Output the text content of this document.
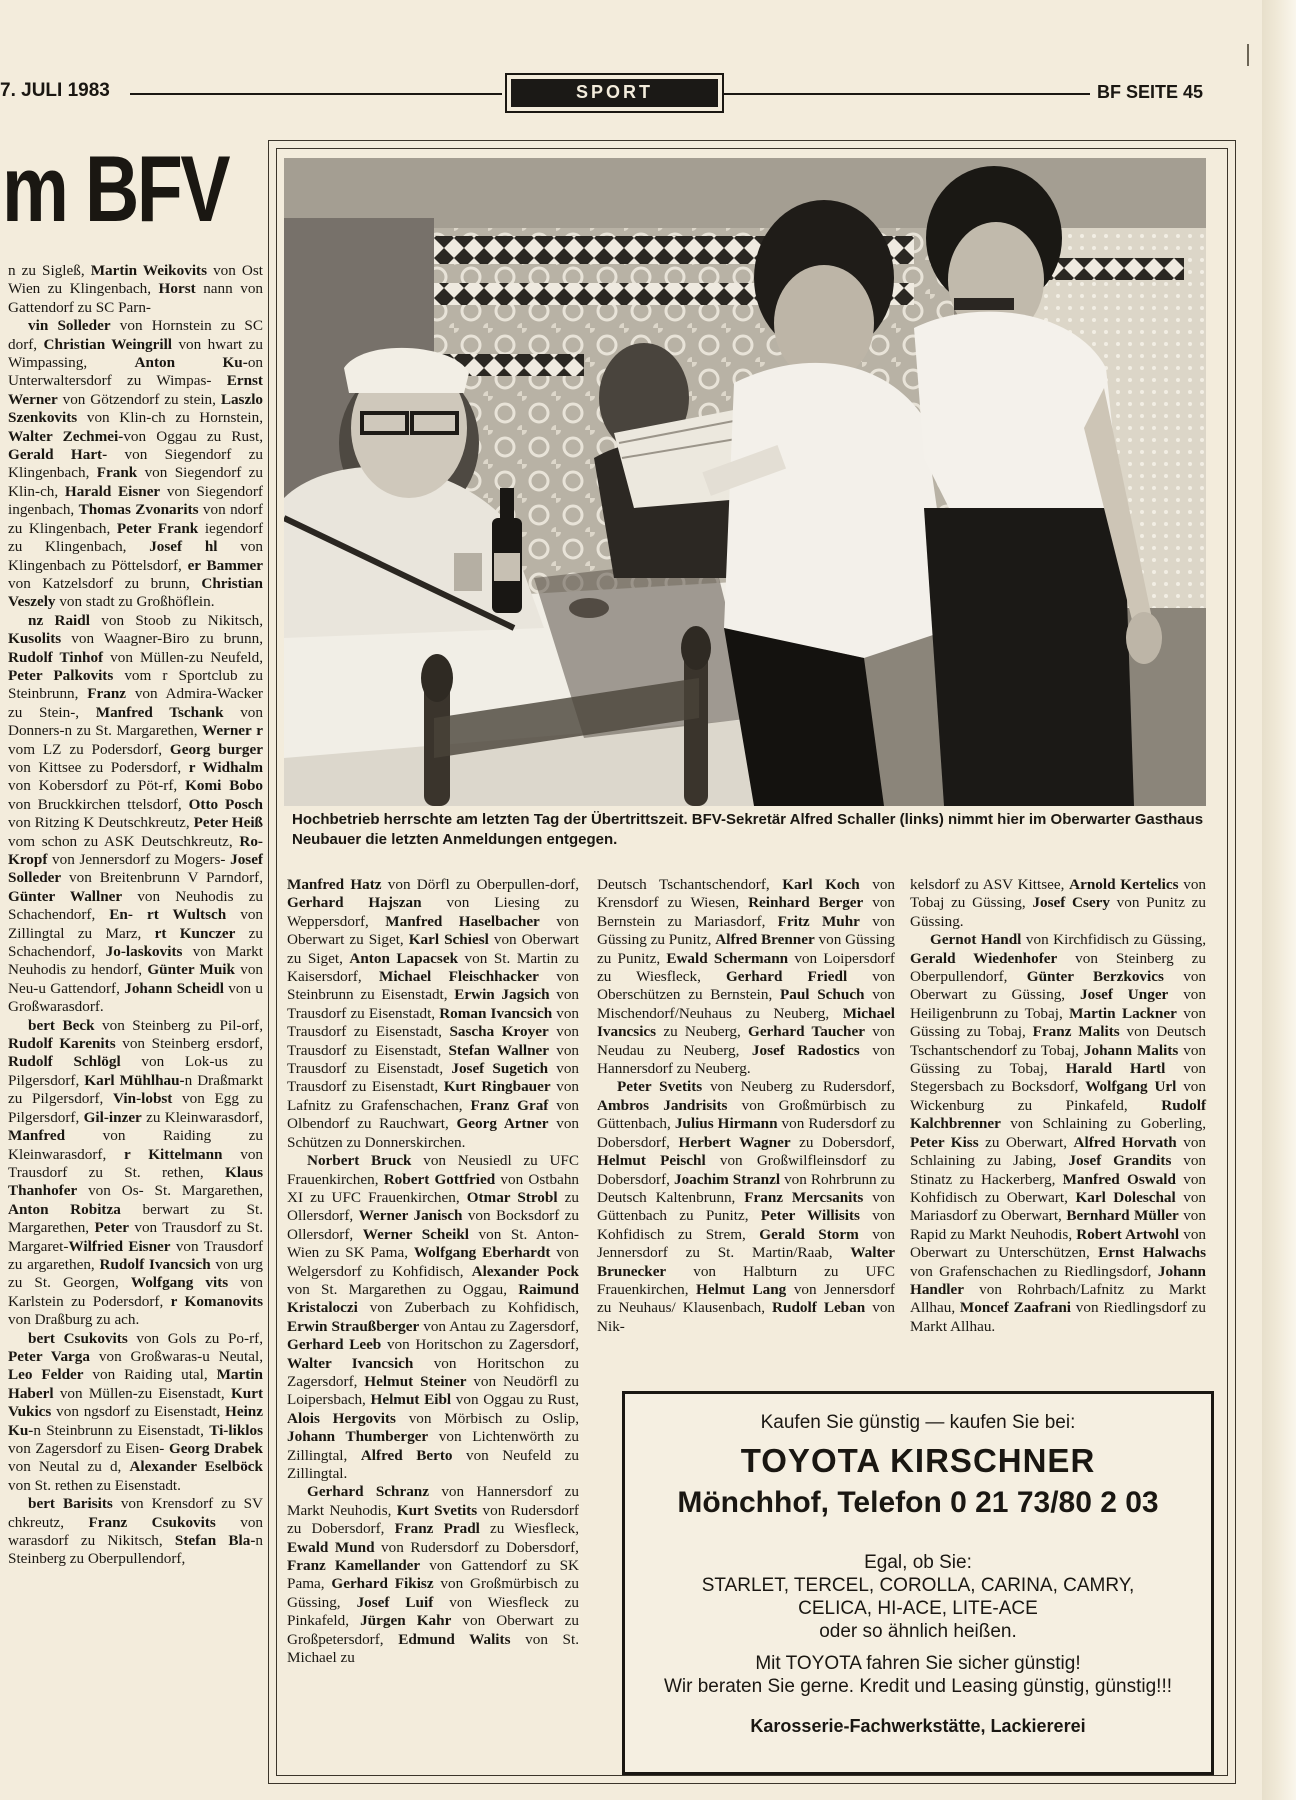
7. JULI 1983	SPORT	BF SEITE 45
m BFV
Hochbetrieb herrschte am letzten Tag der Übertrittszeit. BFV-Sekretär Alfred Schaller (links) nimmt hier im Oberwarter Gasthaus Neubauer die letzten Anmeldungen entgegen.

n zu Sigleß, Martin Weikovits von Ost Wien zu Klingenbach, Horst nann von Gattendorf zu SC Parn-

vin Solleder von Hornstein zu SC dorf, Christian Weingrill von hwart zu Wimpassing, Anton Ku-on Unterwaltersdorf zu Wimpas- Ernst Werner von Götzendorf zu stein, Laszlo Szenkovits von Klin-ch zu Hornstein, Walter Zechmei-von Oggau zu Rust, Gerald Hart- von Siegendorf zu Klingenbach, Frank von Siegendorf zu Klin-ch, Harald Eisner von Siegendorf ingenbach, Thomas Zvonarits von ndorf zu Klingenbach, Peter Frank iegendorf zu Klingenbach, Josef hl von Klingenbach zu Pöttelsdorf, er Bammer von Katzelsdorf zu brunn, Christian Veszely von stadt zu Großhöflein.

nz Raidl von Stoob zu Nikitsch, Kusolits von Waagner-Biro zu brunn, Rudolf Tinhof von Müllen-zu Neufeld, Peter Palkovits vom r Sportclub zu Steinbrunn, Franz von Admira-Wacker zu Stein-, Manfred Tschank von Donners-n zu St. Margarethen, Werner r vom LZ zu Podersdorf, Georg burger von Kittsee zu Podersdorf, r Widhalm von Kobersdorf zu Pöt-rf, Komi Bobo von Bruckkirchen ttelsdorf, Otto Posch von Ritzing K Deutschkreutz, Peter Heiß vom schon zu ASK Deutschkreutz, Ro- Kropf von Jennersdorf zu Mogers- Josef Solleder von Breitenbrunn V Parndorf, Günter Wallner von Neuhodis zu Schachendorf, En- rt Wultsch von Zillingtal zu Marz, rt Kunczer zu Schachendorf, Jo-laskovits von Markt Neuhodis zu hendorf, Günter Muik von Neu-u Gattendorf, Johann Scheidl von u Großwarasdorf.

bert Beck von Steinberg zu Pil-orf, Rudolf Karenits von Steinberg ersdorf, Rudolf Schlögl von Lok-us zu Pilgersdorf, Karl Mühlhau-n Draßmarkt zu Pilgersdorf, Vin-lobst von Egg zu Pilgersdorf, Gil-inzer zu Kleinwarasdorf, Manfred von Raiding zu Kleinwarasdorf, r Kittelmann von Trausdorf zu St. rethen, Klaus Thanhofer von Os- St. Margarethen, Anton Robitza berwart zu St. Margarethen, Peter von Trausdorf zu St. Margaret-Wilfried Eisner von Trausdorf zu argarethen, Rudolf Ivancsich von urg zu St. Georgen, Wolfgang vits von Karlstein zu Podersdorf, r Komanovits von Draßburg zu ach.

bert Csukovits von Gols zu Po-rf, Peter Varga von Großwaras-u Neutal, Leo Felder von Raiding utal, Martin Haberl von Müllen-zu Eisenstadt, Kurt Vukics von ngsdorf zu Eisenstadt, Heinz Ku-n Steinbrunn zu Eisenstadt, Ti-liklos von Zagersdorf zu Eisen- Georg Drabek von Neutal zu d, Alexander Eselböck von St. rethen zu Eisenstadt.

bert Barisits von Krensdorf zu SV chkreutz, Franz Csukovits von warasdorf zu Nikitsch, Stefan Bla-n Steinberg zu Oberpullendorf,

Manfred Hatz von Dörfl zu Oberpullen-dorf, Gerhard Hajszan von Liesing zu Weppersdorf, Manfred Haselbacher von Oberwart zu Siget, Karl Schiesl von Oberwart zu Siget, Anton Lapacsek von St. Martin zu Kaisersdorf, Michael Fleischhacker von Steinbrunn zu Eisenstadt, Erwin Jagsich von Trausdorf zu Eisenstadt, Roman Ivancsich von Trausdorf zu Eisenstadt, Sascha Kroyer von Trausdorf zu Eisenstadt, Stefan Wallner von Trausdorf zu Eisenstadt, Josef Sugetich von Trausdorf zu Eisenstadt, Kurt Ringbauer von Lafnitz zu Grafenschachen, Franz Graf von Olbendorf zu Rauchwart, Georg Artner von Schützen zu Donnerskirchen.

Norbert Bruck von Neusiedl zu UFC Frauenkirchen, Robert Gottfried von Ostbahn XI zu UFC Frauenkirchen, Otmar Strobl zu Ollersdorf, Werner Janisch von Bocksdorf zu Ollersdorf, Werner Scheikl von St. Anton-Wien zu SK Pama, Wolfgang Eberhardt von Welgersdorf zu Kohfidisch, Alexander Pock von St. Margarethen zu Oggau, Raimund Kristaloczi von Zuberbach zu Kohfidisch, Erwin Straußberger von Antau zu Zagersdorf, Gerhard Leeb von Horitschon zu Zagersdorf, Walter Ivancsich von Horitschon zu Zagersdorf, Helmut Steiner von Neudörfl zu Loipersbach, Helmut Eibl von Oggau zu Rust, Alois Hergovits von Mörbisch zu Oslip, Johann Thumberger von Lichtenwörth zu Zillingtal, Alfred Berto von Neufeld zu Zillingtal.

Gerhard Schranz von Hannersdorf zu Markt Neuhodis, Kurt Svetits von Rudersdorf zu Dobersdorf, Franz Pradl zu Wiesfleck, Ewald Mund von Rudersdorf zu Dobersdorf, Franz Kamellander von Gattendorf zu SK Pama, Gerhard Fikisz von Großmürbisch zu Güssing, Josef Luif von Wiesfleck zu Pinkafeld, Jürgen Kahr von Oberwart zu Großpetersdorf, Edmund Walits von St. Michael zu

Deutsch Tschantschendorf, Karl Koch von Krensdorf zu Wiesen, Reinhard Berger von Bernstein zu Mariasdorf, Fritz Muhr von Güssing zu Punitz, Alfred Brenner von Güssing zu Punitz, Ewald Schermann von Loipersdorf zu Wiesfleck, Gerhard Friedl von Oberschützen zu Bernstein, Paul Schuch von Mischendorf/Neuhaus zu Neuberg, Michael Ivancsics zu Neuberg, Gerhard Taucher von Neudau zu Neuberg, Josef Radostics von Hannersdorf zu Neuberg.

Peter Svetits von Neuberg zu Rudersdorf, Ambros Jandrisits von Großmürbisch zu Güttenbach, Julius Hirmann von Rudersdorf zu Dobersdorf, Herbert Wagner zu Dobersdorf, Helmut Peischl von Großwilfleinsdorf zu Dobersdorf, Joachim Stranzl von Rohrbrunn zu Deutsch Kaltenbrunn, Franz Mercsanits von Güttenbach zu Punitz, Peter Willisits von Kohfidisch zu Strem, Gerald Storm von Jennersdorf zu St. Martin/Raab, Walter Brunecker von Halbturn zu UFC Frauenkirchen, Helmut Lang von Jennersdorf zu Neuhaus/ Klausenbach, Rudolf Leban von Nik-

kelsdorf zu ASV Kittsee, Arnold Kertelics von Tobaj zu Güssing, Josef Csery von Punitz zu Güssing.

Gernot Handl von Kirchfidisch zu Güssing, Gerald Wiedenhofer von Steinberg zu Oberpullendorf, Günter Berzkovics von Oberwart zu Güssing, Josef Unger von Heiligenbrunn zu Tobaj, Martin Lackner von Güssing zu Tobaj, Franz Malits von Deutsch Tschantschendorf zu Tobaj, Johann Malits von Güssing zu Tobaj, Harald Hartl von Stegersbach zu Bocksdorf, Wolfgang Url von Wickenburg zu Pinkafeld, Rudolf Kalchbrenner von Schlaining zu Goberling, Peter Kiss zu Oberwart, Alfred Horvath von Schlaining zu Jabing, Josef Grandits von Stinatz zu Hackerberg, Manfred Oswald von Kohfidisch zu Oberwart, Karl Doleschal von Mariasdorf zu Oberwart, Bernhard Müller von Rapid zu Markt Neuhodis, Robert Artwohl von Oberwart zu Unterschützen, Ernst Halwachs von Grafenschachen zu Riedlingsdorf, Johann Handler von Rohrbach/Lafnitz zu Markt Allhau, Moncef Zaafrani von Riedlingsdorf zu Markt Allhau.

Kaufen Sie günstig — kaufen Sie bei:
TOYOTA KIRSCHNER
Mönchhof, Telefon 0 21 73/80 2 03
Egal, ob Sie:
STARLET, TERCEL, COROLLA, CARINA, CAMRY,
CELICA, HI-ACE, LITE-ACE
oder so ähnlich heißen.
Mit TOYOTA fahren Sie sicher günstig!
Wir beraten Sie gerne. Kredit und Leasing günstig, günstig!!!
Karosserie-Fachwerkstätte, Lackiererei
